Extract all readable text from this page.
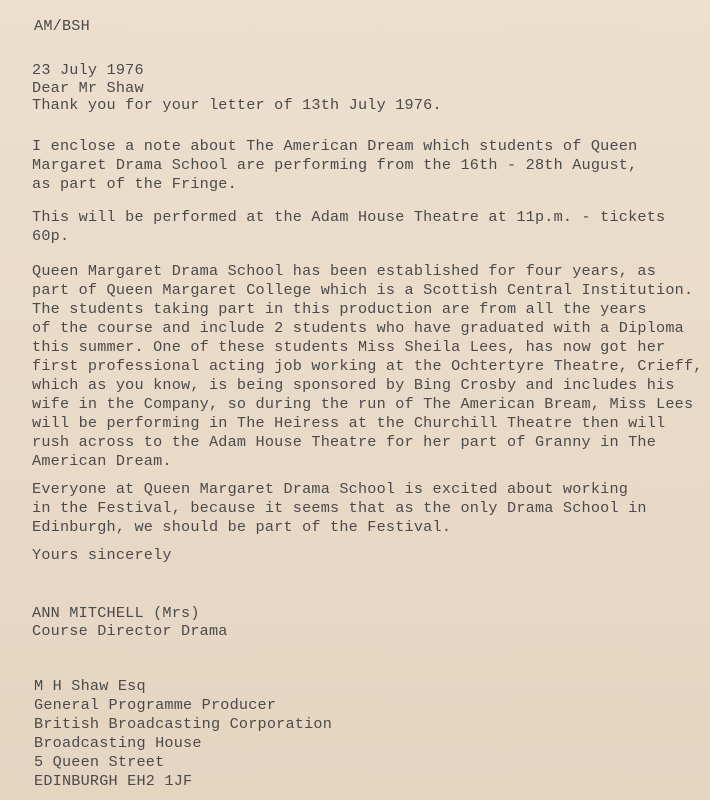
AM/BSH

23 July 1976

Dear Mr Shaw

Thank you for your letter of 13th July 1976.

I enclose a note about The American Dream which students of Queen
Margaret Drama School are performing from the 16th - 28th August,
as part of the Fringe.
This will be performed at the Adam House Theatre at 11p.m. - tickets
60p.
Queen Margaret Drama School has been established for four years, as
part of Queen Margaret College which is a Scottish Central Institution.
The students taking part in this production are from all the years
of the course and include 2 students who have graduated with a Diploma
this summer. One of these students Miss Sheila Lees, has now got her
first professional acting job working at the Ochtertyre Theatre, Crieff,
which as you know, is being sponsored by Bing Crosby and includes his
wife in the Company, so during the run of The American Bream, Miss Lees
will be performing in The Heiress at the Churchill Theatre then will
rush across to the Adam House Theatre for her part of Granny in The
American Dream.
Everyone at Queen Margaret Drama School is excited about working
in the Festival, because it seems that as the only Drama School in
Edinburgh, we should be part of the Festival.

Yours sincerely

ANN MITCHELL (Mrs)

Course Director Drama

M H Shaw Esq
General Programme Producer
British Broadcasting Corporation
Broadcasting House
5 Queen Street
EDINBURGH EH2 1JF
